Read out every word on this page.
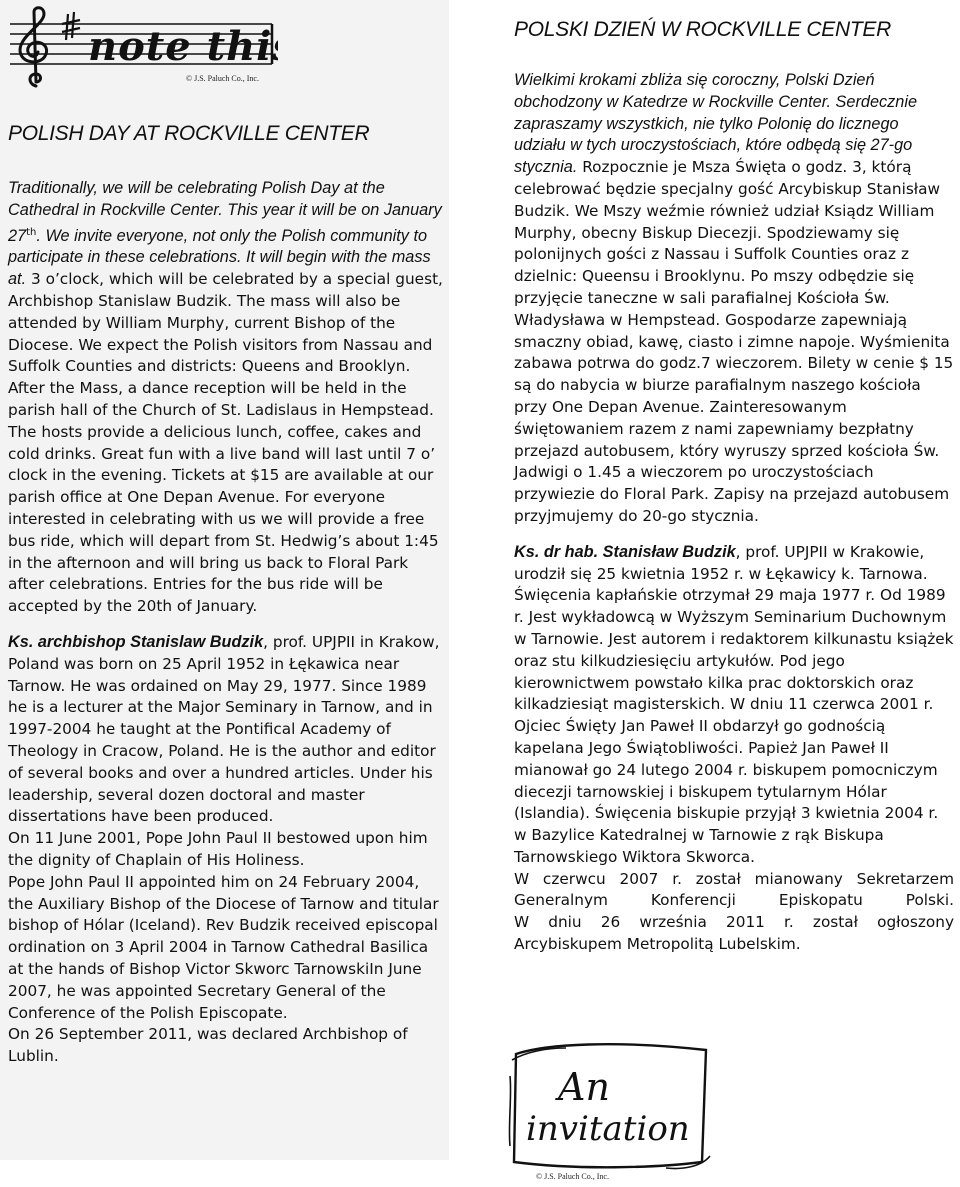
note this
© J.S. Paluch Co., Inc.
POLISH DAY AT ROCKVILLE CENTER

Traditionally, we will be celebrating Polish Day at the Cathedral in Rockville Center. This year it will be on January 27th. We invite everyone, not only the Polish community to participate in these celebrations. It will begin with the mass at. 3 o’clock, which will be celebrated by a special guest, Archbishop Stanislaw Budzik. The mass will also be attended by William Murphy, current Bishop of the Diocese. We expect the Polish visitors from Nassau and Suffolk Counties and districts: Queens and Brooklyn. After the Mass, a dance reception will be held in the parish hall of the Church of St. Ladislaus in Hempstead. The hosts provide a delicious lunch, coffee, cakes and cold drinks. Great fun with a live band will last until 7 o’ clock in the evening. Tickets at $15 are available at our parish office at One Depan Avenue. For everyone interested in celebrating with us we will provide a free bus ride, which will depart from St. Hedwig’s about 1:45 in the afternoon and will bring us back to Floral Park after celebrations. Entries for the bus ride will be accepted by the 20th of January.

Ks. archbishop Stanislaw Budzik, prof. UPJPII in Krakow, Poland was born on 25 April 1952 in Łękawica near Tarnow. He was ordained on May 29, 1977. Since 1989 he is a lecturer at the Major Seminary in Tarnow, and in 1997-2004 he taught at the Pontifical Academy of Theology in Cracow, Poland. He is the author and editor of several books and over a hundred articles. Under his leadership, several dozen doctoral and master dissertations have been produced.

On 11 June 2001, Pope John Paul II bestowed upon him the dignity of Chaplain of His Holiness.

Pope John Paul II appointed him on 24 February 2004, the Auxiliary Bishop of the Diocese of Tarnow and titular bishop of Hólar (Iceland). Rev Budzik received episcopal ordination on 3 April 2004 in Tarnow Cathedral Basilica at the hands of Bishop Victor Skworc TarnowskiIn June 2007, he was appointed Secretary General of the Conference of the Polish Episcopate.

On 26 September 2011, was declared Archbishop of Lublin.

POLSKI DZIEŃ W ROCKVILLE CENTER

Wielkimi krokami zbliża się coroczny, Polski Dzień obchodzony w Katedrze w Rockville Center. Serdecznie zapraszamy wszystkich, nie tylko Polonię do licznego udziału w tych uroczystościach, które odbędą się 27-go stycznia. Rozpocznie je Msza Święta o godz. 3, którą celebrować będzie specjalny gość Arcybiskup Stanisław Budzik. We Mszy weźmie również udział Ksiądz William Murphy, obecny Biskup Diecezji. Spodziewamy się polonijnych gości z Nassau i Suffolk Counties oraz z dzielnic: Queensu i Brooklynu. Po mszy odbędzie się przyjęcie taneczne w sali parafialnej Kościoła Św. Władysława w Hempstead. Gospodarze zapewniają smaczny obiad, kawę, ciasto i zimne napoje. Wyśmienita zabawa potrwa do godz.7 wieczorem. Bilety w cenie $ 15 są do nabycia w biurze parafialnym naszego kościoła przy One Depan Avenue. Zainteresowanym świętowaniem razem z nami zapewniamy bezpłatny przejazd autobusem, który wyruszy sprzed kościoła Św. Jadwigi o 1.45 a wieczorem po uroczystościach przywiezie do Floral Park. Zapisy na przejazd autobusem przyjmujemy do 20-go stycznia.

Ks. dr hab. Stanisław Budzik, prof. UPJPII w Krakowie, urodził się 25 kwietnia 1952 r. w Łękawicy k. Tarnowa. Święcenia kapłańskie otrzymał 29 maja 1977 r. Od 1989 r. Jest wykładowcą w Wyższym Seminarium Duchownym w Tarnowie. Jest autorem i redaktorem kilkunastu książek oraz stu kilkudziesięciu artykułów. Pod jego kierownictwem powstało kilka prac doktorskich oraz kilkadziesiąt magisterskich. W dniu 11 czerwca 2001 r. Ojciec Święty Jan Paweł II obdarzył go godnością kapelana Jego Świątobliwości. Papież Jan Paweł II mianował go 24 lutego 2004 r. biskupem pomocniczym diecezji tarnowskiej i biskupem tytularnym Hólar (Islandia). Święcenia biskupie przyjął 3 kwietnia 2004 r. w Bazylice Katedralnej w Tarnowie z rąk Biskupa Tarnowskiego Wiktora Skworca.

W czerwcu 2007 r. został mianowany Sekretarzem Generalnym Konferencji Episkopatu Polski.

W dniu 26 września 2011 r. został ogłoszony Arcybiskupem Metropolitą Lubelskim.

An
invitation
© J.S. Paluch Co., Inc.
